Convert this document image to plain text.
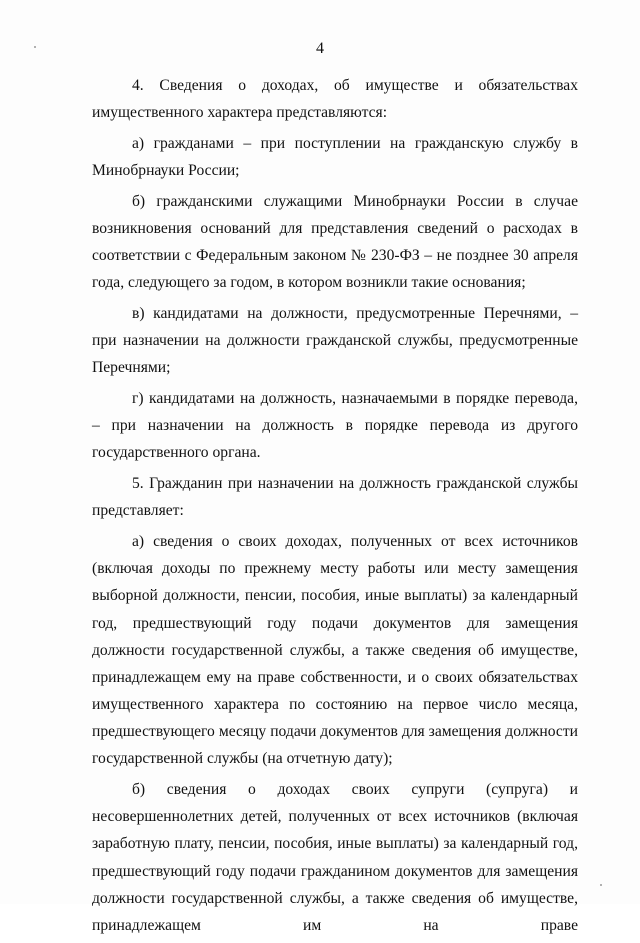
4

4. Сведения о доходах, об имуществе и обязательствах имущественного характера представляются:

а) гражданами – при поступлении на гражданскую службу в Минобрнауки России;

б) гражданскими служащими Минобрнауки России в случае возникновения оснований для представления сведений о расходах в соответствии с Федеральным законом № 230-ФЗ – не позднее 30 апреля года, следующего за годом, в котором возникли такие основания;

в) кандидатами на должности, предусмотренные Перечнями, – при назначении на должности гражданской службы, предусмотренные Перечнями;

г) кандидатами на должность, назначаемыми в порядке перевода, – при назначении на должность в порядке перевода из другого государственного органа.

5. Гражданин при назначении на должность гражданской службы представляет:

а) сведения о своих доходах, полученных от всех источников (включая доходы по прежнему месту работы или месту замещения выборной должности, пенсии, пособия, иные выплаты) за календарный год, предшествующий году подачи документов для замещения должности государственной службы, а также сведения об имуществе, принадлежащем ему на праве собственности, и о своих обязательствах имущественного характера по состоянию на первое число месяца, предшествующего месяцу подачи документов для замещения должности государственной службы (на отчетную дату);

б) сведения о доходах своих супруги (супруга) и несовершеннолетних детей, полученных от всех источников (включая заработную плату, пенсии, пособия, иные выплаты) за календарный год, предшествующий году подачи гражданином документов для замещения должности государственной службы, а также сведения об имуществе, принадлежащем им на праве
